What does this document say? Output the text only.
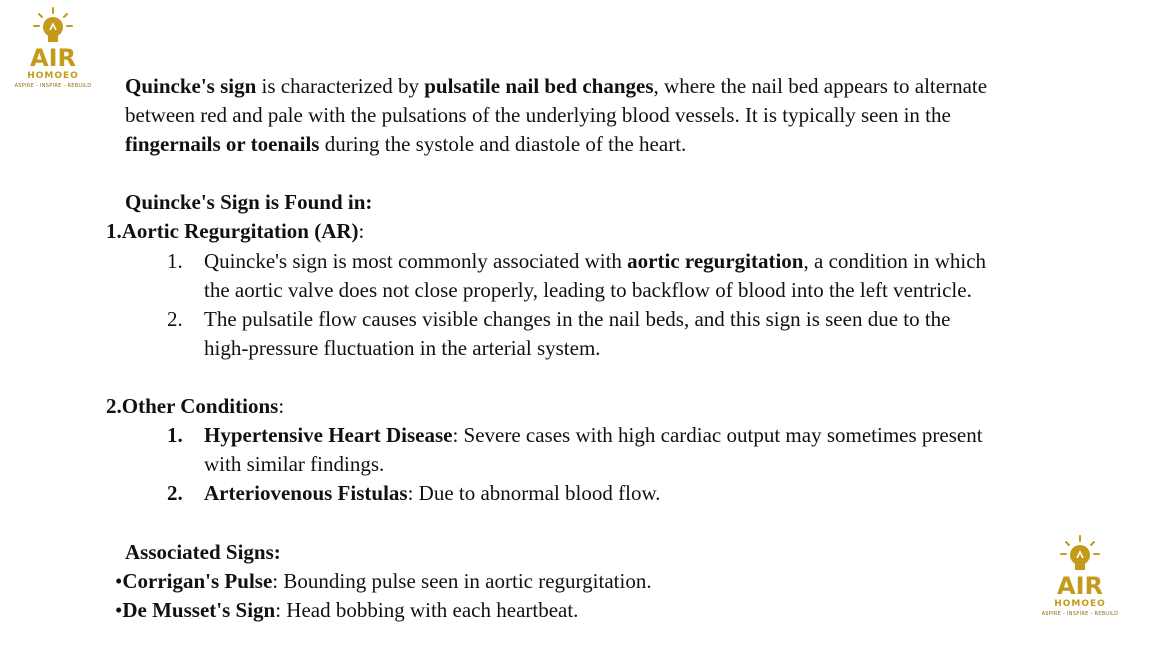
AIR
HOMOEO
ASPIRE - INSPIRE - REBUILD	Quincke's sign is characterized by pulsatile nail bed changes, where the nail bed appears to alternate
between red and pale with the pulsations of the underlying blood vessels. It is typically seen in the
fingernails or toenails during the systole and diastole of the heart.
Quincke's Sign is Found in:
1.Aortic Regurgitation (AR):
1. Quincke's sign is most commonly associated with aortic regurgitation, a condition in which
the aortic valve does not close properly, leading to backflow of blood into the left ventricle.
2. The pulsatile flow causes visible changes in the nail beds, and this sign is seen due to the
high-pressure fluctuation in the arterial system.
2.Other Conditions:
1. Hypertensive Heart Disease: Severe cases with high cardiac output may sometimes present
with similar findings.
2. Arteriovenous Fistulas: Due to abnormal blood flow.
Associated Signs:
•Corrigan's Pulse: Bounding pulse seen in aortic regurgitation.
•De Musset's Sign: Head bobbing with each heartbeat.
AIR
HOMOEO
ASPIRE - INSPIRE - REBUILD
